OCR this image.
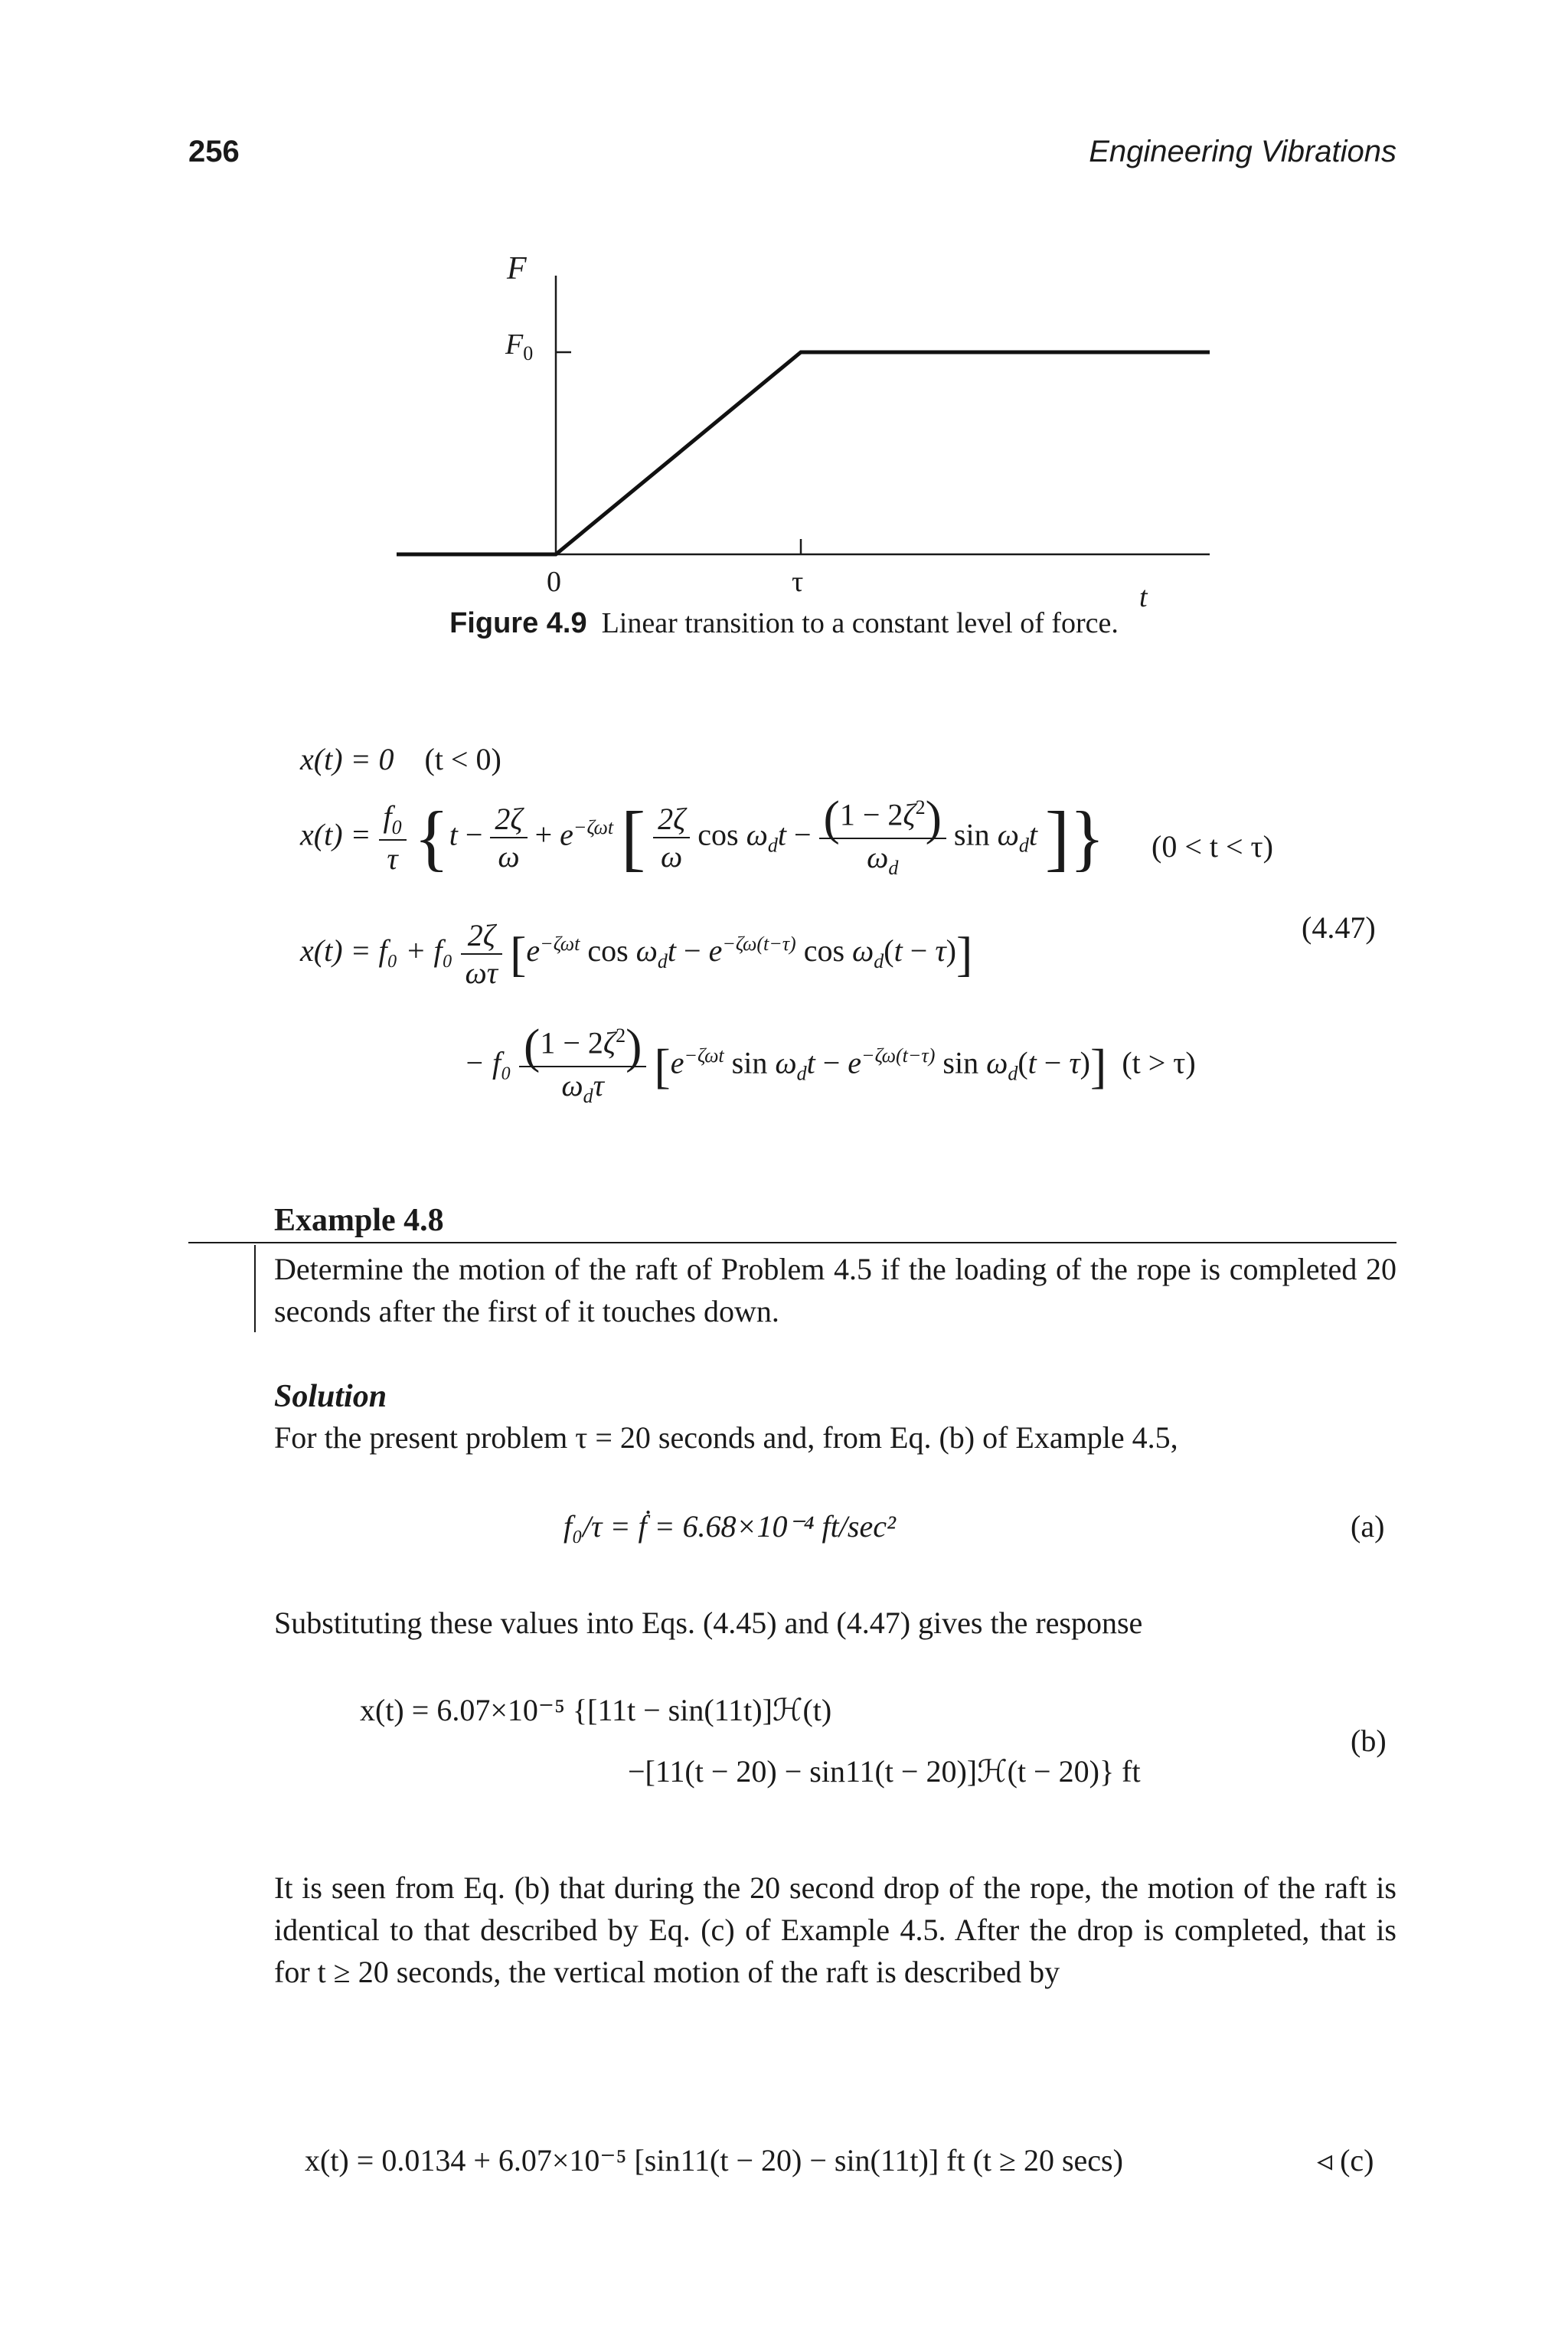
256	Engineering Vibrations
F
$F_0$
0	τ	t
Figure 4.9 Linear transition to a constant level of force.
x(t) = 0 (t < 0)
$x(t) = \frac{f_0}{\tau} \{t - \frac{2\zeta}{\omega} + e^{-\zeta\omega t}$ [ $\frac{2\zeta}{\omega}$ $\cos \omega_dt - \frac{(1 - 2\zeta^2)}{\omega_d}$ $\sin \omega_dt$ ]} (0 < t < τ)
(4.47)
$x(t) = f_0 + f_0 \frac{2\zeta}{\omega\tau} [e^{-\zeta\omega t}$ $\cos \omega_dt - e^{-\zeta\omega(t-\tau)}$ $\cos \omega_d(t - \tau)$]
− $f_0 \frac{(1 - 2\zeta^2)}{\omega_d\tau} [e^{-\zeta\omega t}$ $\sin \omega_dt - e^{-\zeta\omega(t-\tau)}$ $\sin \omega_d(t - \tau)$] (t > τ)
Example 4.8
Determine the motion of the raft of Problem 4.5 if the loading of the rope is completed 20 seconds after the first of it touches down.
Solution
For the present problem τ = 20 seconds and, from Eq. (b) of Example 4.5,
f₀/τ = ḟ = 6.68×10⁻⁴ ft/sec²	(a)
Substituting these values into Eqs. (4.45) and (4.47) gives the response
x(t) = 6.07×10⁻⁵ {[11t − sin(11t)]ℋ(t)
−[11(t − 20) − sin11(t − 20)]ℋ(t − 20)} ft
(b)
It is seen from Eq. (b) that during the 20 second drop of the rope, the motion of the raft is identical to that described by Eq. (c) of Example 4.5. After the drop is completed, that is for t ≥ 20 seconds, the vertical motion of the raft is described by
x(t) = 0.0134 + 6.07×10⁻⁵ [sin11(t − 20) − sin(11t)] ft (t ≥ 20 secs)	◃ (c)
